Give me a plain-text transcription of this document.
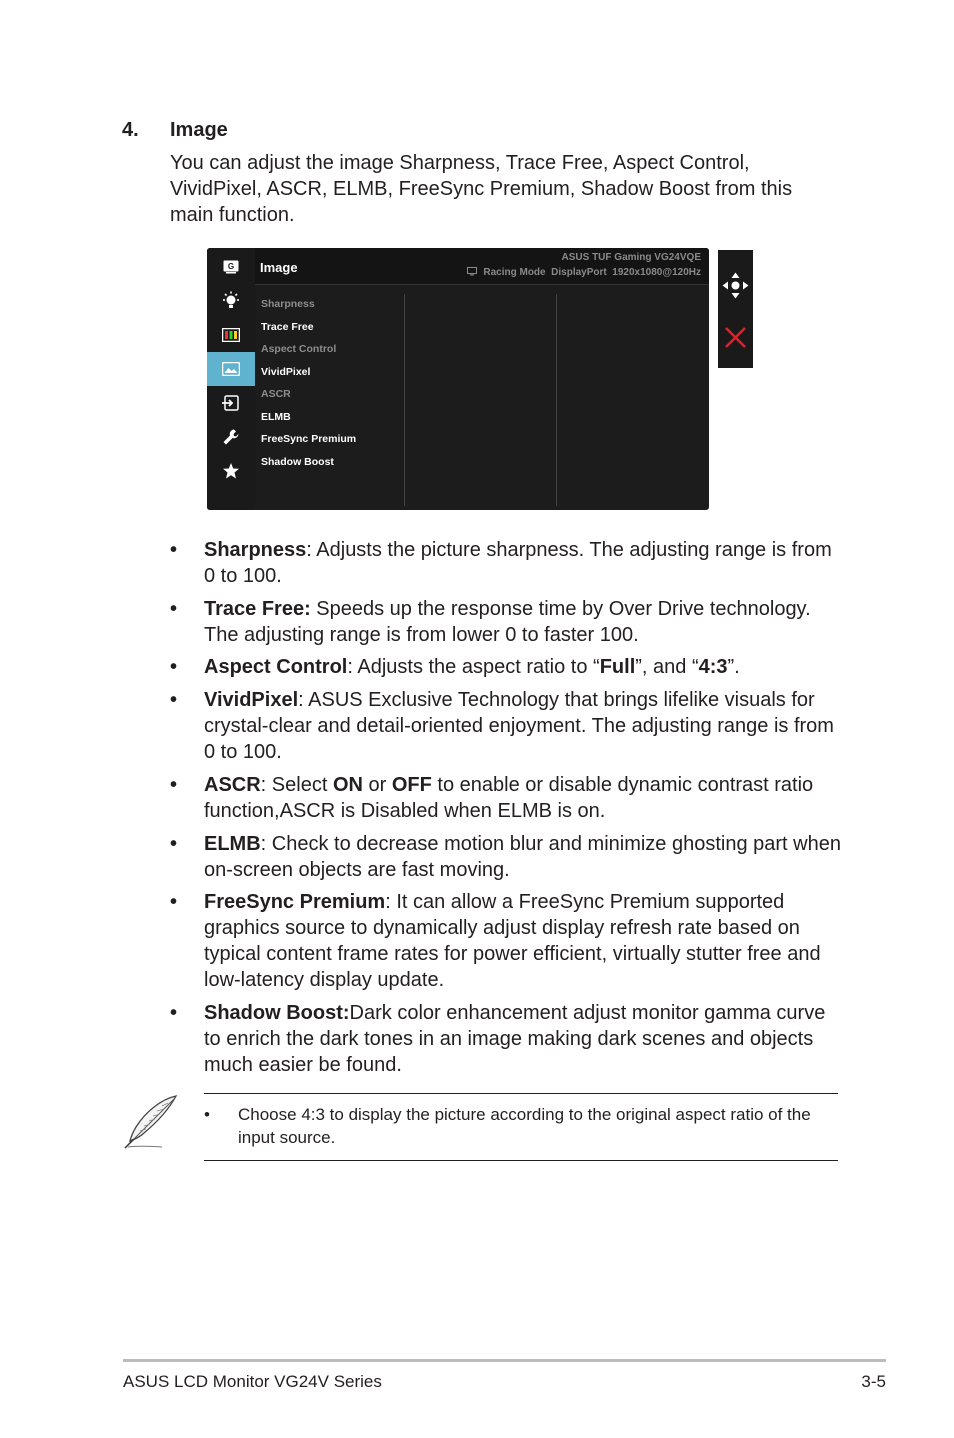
4. Image
You can adjust the image Sharpness, Trace Free, Aspect Control, VividPixel, ASCR, ELMB, FreeSync Premium, Shadow Boost from this main function.
G Image
ASUS TUF Gaming VG24VQE
Racing Mode  DisplayPort  1920x1080@120Hz
Sharpness
Trace Free
Aspect Control
VividPixel
ASCR
ELMB
FreeSync Premium
Shadow Boost
• Sharpness: Adjusts the picture sharpness. The adjusting range is from 0 to 100.
• Trace Free: Speeds up the response time by Over Drive technology. The adjusting range is from lower 0 to faster 100.
• Aspect Control: Adjusts the aspect ratio to “Full”, and “4:3”.
• VividPixel: ASUS Exclusive Technology that brings lifelike visuals for crystal-clear and detail-oriented enjoyment. The adjusting range is from 0 to 100.
• ASCR: Select ON or OFF to enable or disable dynamic contrast ratio function,ASCR is Disabled when ELMB is on.
• ELMB: Check to decrease motion blur and minimize ghosting part when on-screen objects are fast moving.
• FreeSync Premium: It can allow a FreeSync Premium supported graphics source to dynamically adjust display refresh rate based on typical content frame rates for power efficient, virtually stutter free and low-latency display update.
• Shadow Boost:Dark color enhancement adjust monitor gamma curve to enrich the dark tones in an image making dark scenes and objects much easier be found.
• Choose 4:3 to display the picture according to the original aspect ratio of the input source.
ASUS LCD Monitor VG24V Series	3-5
